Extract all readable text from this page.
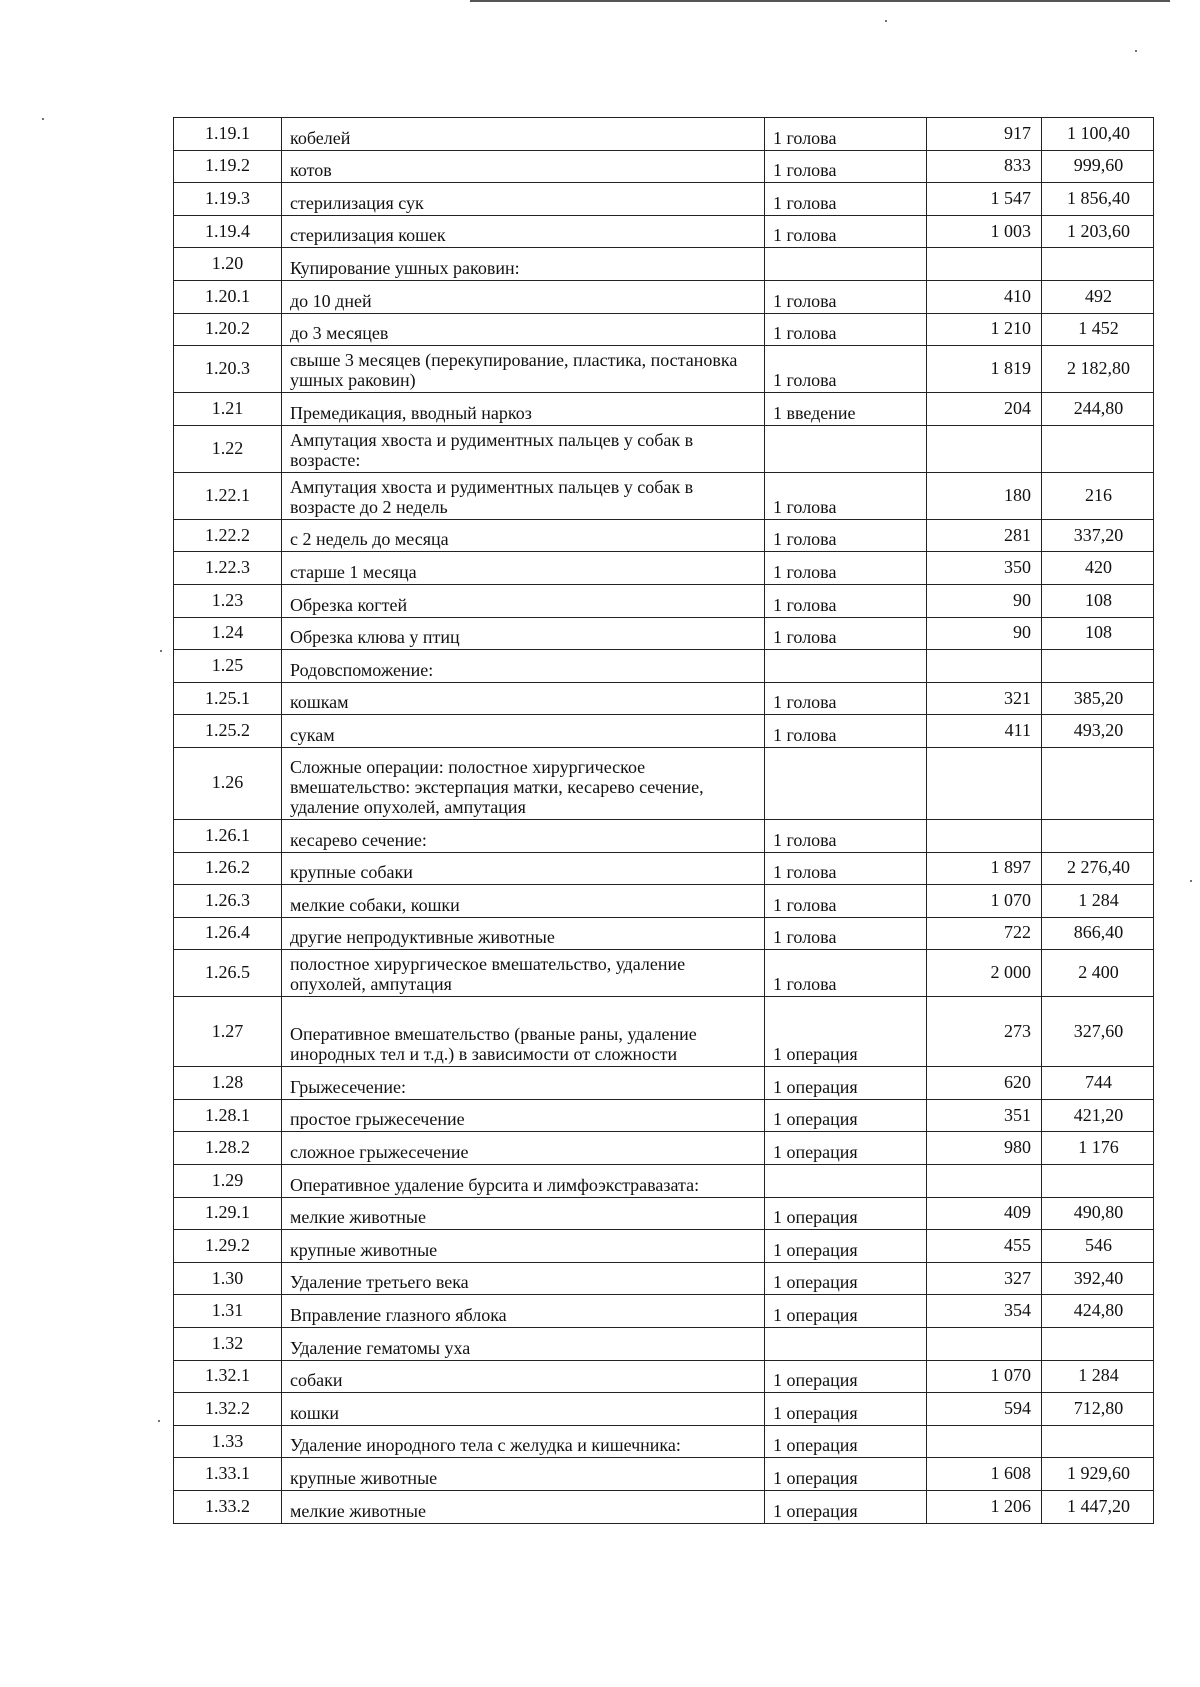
1.19.1	кобелей	1 голова	917	1 100,40
1.19.2	котов	1 голова	833	999,60
1.19.3	стерилизация сук	1 голова	1 547	1 856,40
1.19.4	стерилизация кошек	1 голова	1 003	1 203,60
1.20	Купирование ушных раковин:			
1.20.1	до 10 дней	1 голова	410	492
1.20.2	до 3 месяцев	1 голова	1 210	1 452
1.20.3	свыше 3 месяцев (перекупирование, пластика, постановка ушных раковин)	1 голова	1 819	2 182,80
1.21	Премедикация, вводный наркоз	1 введение	204	244,80
1.22	Ампутация хвоста и рудиментных пальцев у собак в возрасте:			
1.22.1	Ампутация хвоста и рудиментных пальцев у собак в возрасте до 2 недель	1 голова	180	216
1.22.2	с 2 недель до месяца	1 голова	281	337,20
1.22.3	старше 1 месяца	1 голова	350	420
1.23	Обрезка когтей	1 голова	90	108
1.24	Обрезка клюва у птиц	1 голова	90	108
1.25	Родовспоможение:			
1.25.1	кошкам	1 голова	321	385,20
1.25.2	сукам	1 голова	411	493,20
1.26	Сложные операции: полостное хирургическое вмешательство: экстерпация матки, кесарево сечение, удаление опухолей, ампутация			
1.26.1	кесарево сечение:	1 голова		
1.26.2	крупные собаки	1 голова	1 897	2 276,40
1.26.3	мелкие собаки, кошки	1 голова	1 070	1 284
1.26.4	другие непродуктивные животные	1 голова	722	866,40
1.26.5	полостное хирургическое вмешательство, удаление опухолей, ампутация	1 голова	2 000	2 400
1.27	Оперативное вмешательство (рваные раны, удаление инородных тел и т.д.) в зависимости от сложности	1 операция	273	327,60
1.28	Грыжесечение:	1 операция	620	744
1.28.1	простое грыжесечение	1 операция	351	421,20
1.28.2	сложное грыжесечение	1 операция	980	1 176
1.29	Оперативное удаление бурсита и лимфоэкстравазата:			
1.29.1	мелкие животные	1 операция	409	490,80
1.29.2	крупные животные	1 операция	455	546
1.30	Удаление третьего века	1 операция	327	392,40
1.31	Вправление глазного яблока	1 операция	354	424,80
1.32	Удаление гематомы уха			
1.32.1	собаки	1 операция	1 070	1 284
1.32.2	кошки	1 операция	594	712,80
1.33	Удаление инородного тела с желудка и кишечника:	1 операция		
1.33.1	крупные животные	1 операция	1 608	1 929,60
1.33.2	мелкие животные	1 операция	1 206	1 447,20
